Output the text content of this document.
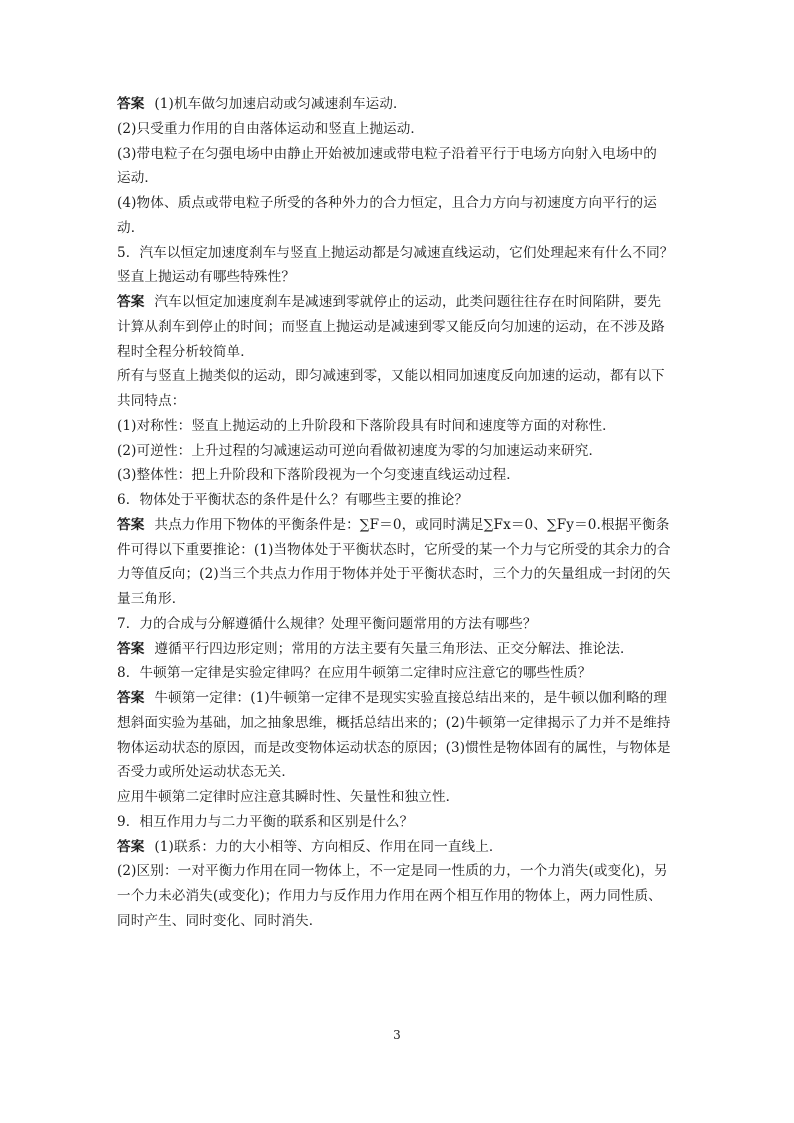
答案 (1)机车做匀加速启动或匀减速刹车运动．
(2)只受重力作用的自由落体运动和竖直上抛运动．
(3)带电粒子在匀强电场中由静止开始被加速或带电粒子沿着平行于电场方向射入电场中的
运动．
(4)物体、质点或带电粒子所受的各种外力的合力恒定，且合力方向与初速度方向平行的运
动．
5．汽车以恒定加速度刹车与竖直上抛运动都是匀减速直线运动，它们处理起来有什么不同？
竖直上抛运动有哪些特殊性？
答案 汽车以恒定加速度刹车是减速到零就停止的运动，此类问题往往存在时间陷阱，要先
计算从刹车到停止的时间；而竖直上抛运动是减速到零又能反向匀加速的运动，在不涉及路
程时全程分析较简单．
所有与竖直上抛类似的运动，即匀减速到零，又能以相同加速度反向加速的运动，都有以下
共同特点：
(1)对称性：竖直上抛运动的上升阶段和下落阶段具有时间和速度等方面的对称性．
(2)可逆性：上升过程的匀减速运动可逆向看做初速度为零的匀加速运动来研究．
(3)整体性：把上升阶段和下落阶段视为一个匀变速直线运动过程．
6．物体处于平衡状态的条件是什么？有哪些主要的推论？
答案 共点力作用下物体的平衡条件是：∑F＝0，或同时满足∑Fx＝0、∑Fy＝0.根据平衡条
件可得以下重要推论：(1)当物体处于平衡状态时，它所受的某一个力与它所受的其余力的合
力等值反向；(2)当三个共点力作用于物体并处于平衡状态时，三个力的矢量组成一封闭的矢
量三角形．
7．力的合成与分解遵循什么规律？处理平衡问题常用的方法有哪些？
答案 遵循平行四边形定则；常用的方法主要有矢量三角形法、正交分解法、推论法．
8．牛顿第一定律是实验定律吗？在应用牛顿第二定律时应注意它的哪些性质？
答案 牛顿第一定律：(1)牛顿第一定律不是现实实验直接总结出来的，是牛顿以伽利略的理
想斜面实验为基础，加之抽象思维，概括总结出来的；(2)牛顿第一定律揭示了力并不是维持
物体运动状态的原因，而是改变物体运动状态的原因；(3)惯性是物体固有的属性，与物体是
否受力或所处运动状态无关．
应用牛顿第二定律时应注意其瞬时性、矢量性和独立性．
9．相互作用力与二力平衡的联系和区别是什么？
答案 (1)联系：力的大小相等、方向相反、作用在同一直线上．
(2)区别：一对平衡力作用在同一物体上，不一定是同一性质的力，一个力消失(或变化)，另
一个力未必消失(或变化)；作用力与反作用力作用在两个相互作用的物体上，两力同性质、
同时产生、同时变化、同时消失．
3
